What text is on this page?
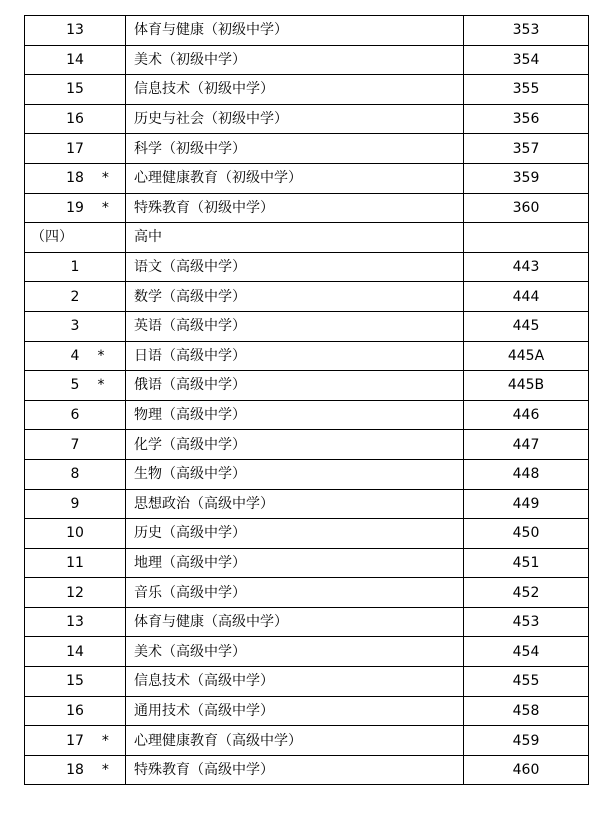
13	体育与健康（初级中学）	353
14	美术（初级中学）	354
15	信息技术（初级中学）	355
16	历史与社会（初级中学）	356
17	科学（初级中学）	357
18 *	心理健康教育（初级中学）	359
19 *	特殊教育（初级中学）	360
（四）	高中	
1	语文（高级中学）	443
2	数学（高级中学）	444
3	英语（高级中学）	445
4 *	日语（高级中学）	445A
5 *	俄语（高级中学）	445B
6	物理（高级中学）	446
7	化学（高级中学）	447
8	生物（高级中学）	448
9	思想政治（高级中学）	449
10	历史（高级中学）	450
11	地理（高级中学）	451
12	音乐（高级中学）	452
13	体育与健康（高级中学）	453
14	美术（高级中学）	454
15	信息技术（高级中学）	455
16	通用技术（高级中学）	458
17 *	心理健康教育（高级中学）	459
18 *	特殊教育（高级中学）	460
